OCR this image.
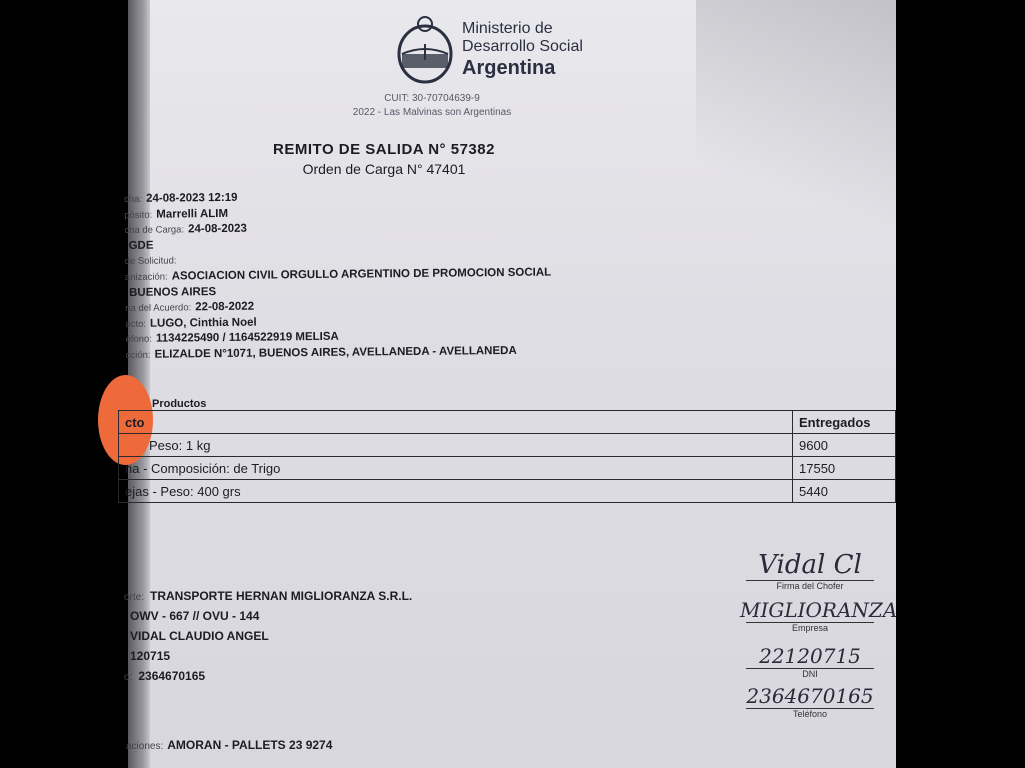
Ministerio de
Desarrollo Social
Argentina
CUIT: 30-70704639-9
2022 - Las Malvinas son Argentinas
REMITO DE SALIDA N° 57382
Orden de Carga N° 47401
cha: 24-08-2023 12:19
pósito: Marrelli ALIM
cha de Carga: 24-08-2023
GDE
de Solicitud:
anización: ASOCIACION CIVIL ORGULLO ARGENTINO DE PROMOCION SOCIAL
BUENOS AIRES
na del Acuerdo: 22-08-2022
acto: LUGO, Cinthia Noel
éfono: 1134225490 / 1164522919 MELISA
cción: ELIZALDE N°1071, BUENOS AIRES, AVELLANEDA - AVELLANEDA
Productos
cto	Entregados
Peso: 1 kg	9600
na - Composición: de Trigo	17550
ejas - Peso: 400 grs	5440
orte: TRANSPORTE HERNAN MIGLIORANZA S.R.L.
OWV - 667 // OVU - 144
VIDAL CLAUDIO ANGEL
120715
o: 2364670165
aciones: AMORAN - PALLETS 23 9274
Vidal Cl
Firma del Chofer
MIGLIORANZA
Empresa
22120715
DNI
2364670165
Teléfono
